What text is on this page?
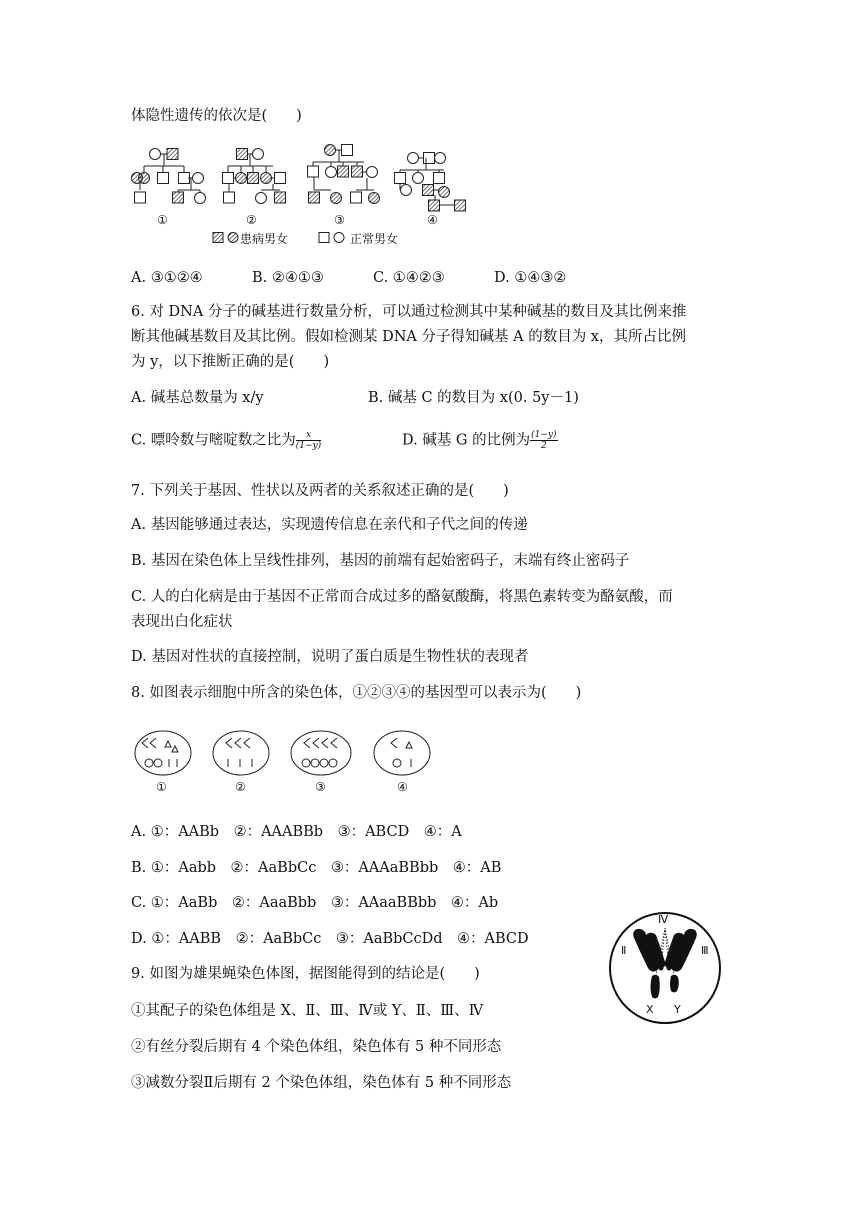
体隐性遗传的依次是(　　)
①	②	③	④
患病男女	正常男女
A. ③①②④	B. ②④①③	C. ①④②③	D. ①④③②
6. 对 DNA 分子的碱基进行数量分析，可以通过检测其中某种碱基的数目及其比例来推
断其他碱基数目及其比例。假如检测某 DNA 分子得知碱基 A 的数目为 x，其所占比例
为 y，以下推断正确的是(　　)
A. 碱基总数量为 x/y	B. 碱基 C 的数目为 x(0. 5y－1)
C. 嘌呤数与嘧啶数之比为 $\frac{x}{(1-y)}$	D. 碱基 G 的比例为 $\frac{(1-y)}{2}$
7. 下列关于基因、性状以及两者的关系叙述正确的是(　　)
A. 基因能够通过表达，实现遗传信息在亲代和子代之间的传递
B. 基因在染色体上呈线性排列，基因的前端有起始密码子，末端有终止密码子
C. 人的白化病是由于基因不正常而合成过多的酪氨酸酶，将黑色素转变为酪氨酸，而
表现出白化症状
D. 基因对性状的直接控制，说明了蛋白质是生物性状的表现者
8. 如图表示细胞中所含的染色体，①②③④的基因型可以表示为(　　)
①	②	③	④
A. ①：AABb　②：AAABBb　③：ABCD　④：A
B. ①：Aabb　②：AaBbCc　③：AAAaBBbb　④：AB
C. ①：AaBb　②：AaaBbb　③：AAaaBBbb　④：Ab
D. ①：AABB　②：AaBbCc　③：AaBbCcDd　④：ABCD
9. 如图为雄果蝇染色体图，据图能得到的结论是(　　)
①其配子的染色体组是 X、Ⅱ、Ⅲ、Ⅳ或 Y、Ⅱ、Ⅲ、Ⅳ
②有丝分裂后期有 4 个染色体组，染色体有 5 种不同形态
③减数分裂Ⅱ后期有 2 个染色体组，染色体有 5 种不同形态
Ⅳ
Ⅱ	Ⅲ
X Y
